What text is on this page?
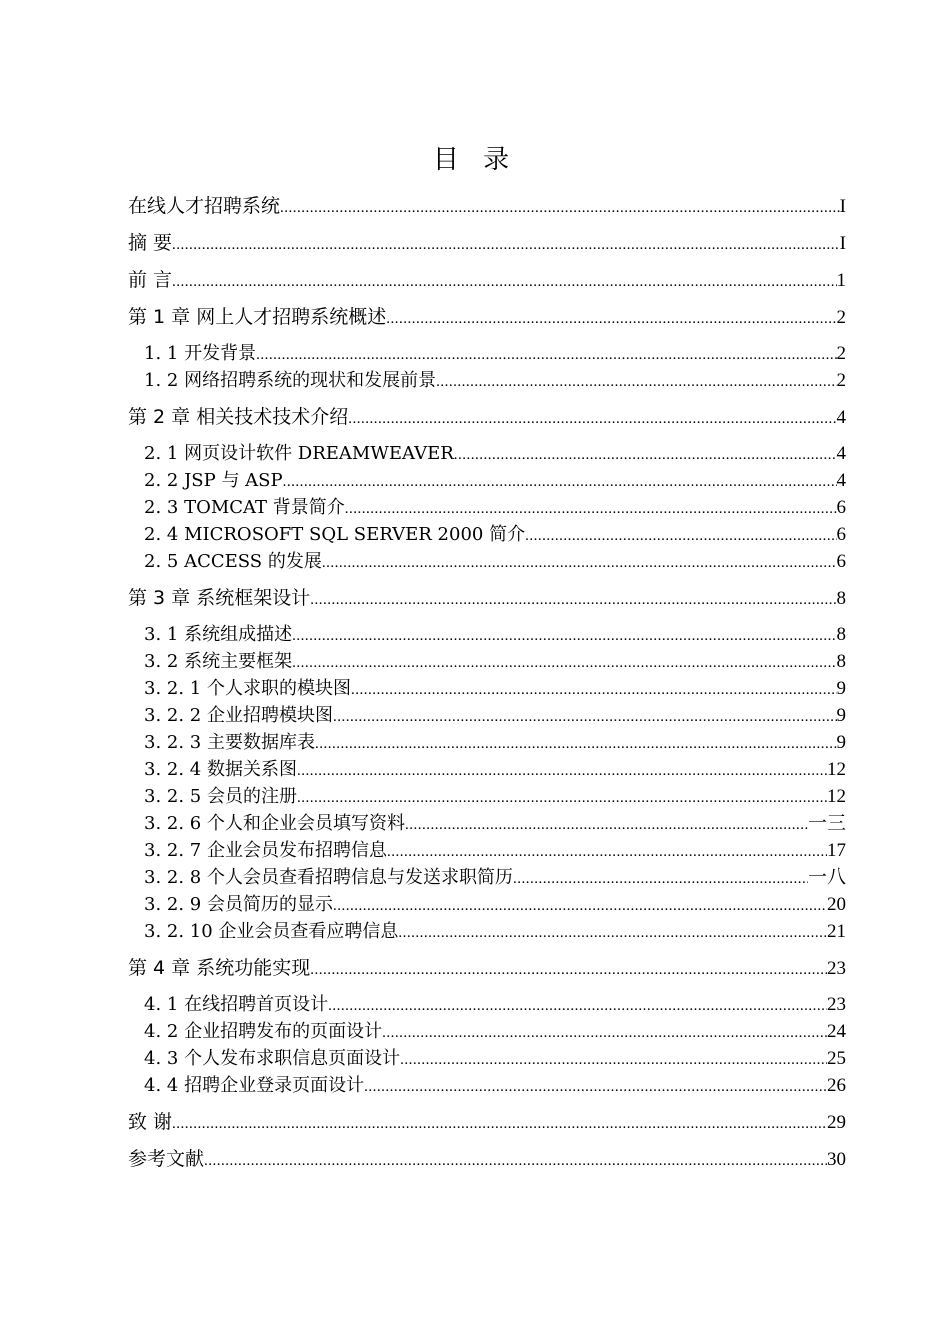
目 录
在线人才招聘系统 .....	I
摘 要 .....	I
前 言 .....	1
第 1 章 网上人才招聘系统概述 .....	2
1. 1 开发背景 .....	2
1. 2 网络招聘系统的现状和发展前景 .....	2
第 2 章 相关技术技术介绍 .....	4
2. 1 网页设计软件 DREAMWEAVER .....	4
2. 2 JSP 与 ASP .....	4
2. 3 TOMCAT 背景简介 .....	6
2. 4 MICROSOFT SQL SERVER 2000 简介 .....	6
2. 5 ACCESS 的发展 .....	6
第 3 章 系统框架设计 .....	8
3. 1 系统组成描述 .....	8
3. 2 系统主要框架 .....	8
3. 2. 1 个人求职的模块图 .....	9
3. 2. 2 企业招聘模块图 .....	9
3. 2. 3 主要数据库表 .....	9
3. 2. 4 数据关系图 .....	12
3. 2. 5 会员的注册 .....	12
3. 2. 6 个人和企业会员填写资料 .....	一三
3. 2. 7 企业会员发布招聘信息 .....	17
3. 2. 8 个人会员查看招聘信息与发送求职简历 .....	一八
3. 2. 9 会员简历的显示 .....	20
3. 2. 10 企业会员查看应聘信息 .....	21
第 4 章 系统功能实现 .....	23
4. 1 在线招聘首页设计 .....	23
4. 2 企业招聘发布的页面设计 .....	24
4. 3 个人发布求职信息页面设计 .....	25
4. 4 招聘企业登录页面设计 .....	26
致 谢 .....	29
参考文献 .....	30
